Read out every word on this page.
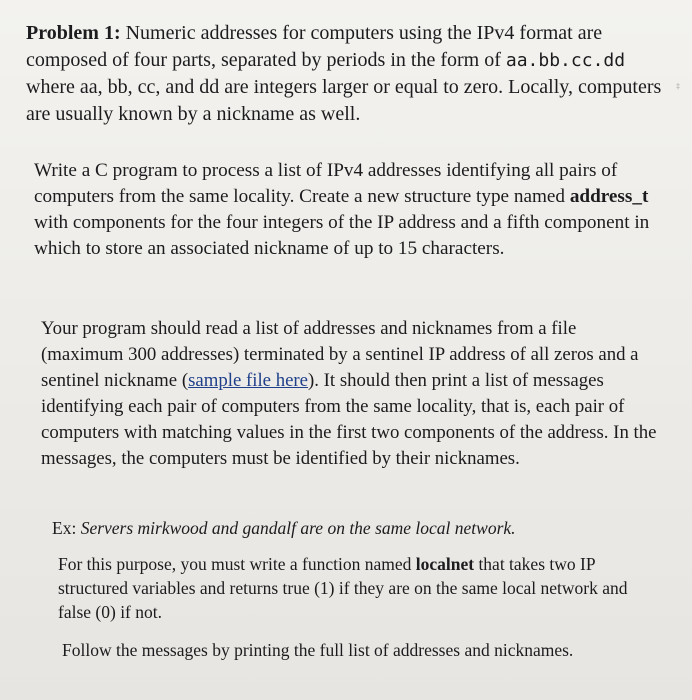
Problem 1: Numeric addresses for computers using the IPv4 format are composed of four parts, separated by periods in the form of aa.bb.cc.dd where aa, bb, cc, and dd are integers larger or equal to zero. Locally, computers are usually known by a nickname as well.

Write a C program to process a list of IPv4 addresses identifying all pairs of computers from the same locality. Create a new structure type named address_t with components for the four integers of the IP address and a fifth component in which to store an associated nickname of up to 15 characters.

Your program should read a list of addresses and nicknames from a file (maximum 300 addresses) terminated by a sentinel IP address of all zeros and a sentinel nickname (sample file here). It should then print a list of messages identifying each pair of computers from the same locality, that is, each pair of computers with matching values in the first two components of the address. In the messages, the computers must be identified by their nicknames.

Ex: Servers mirkwood and gandalf are on the same local network.

For this purpose, you must write a function named localnet that takes two IP structured variables and returns true (1) if they are on the same local network and false (0) if not.

Follow the messages by printing the full list of addresses and nicknames.

‡
